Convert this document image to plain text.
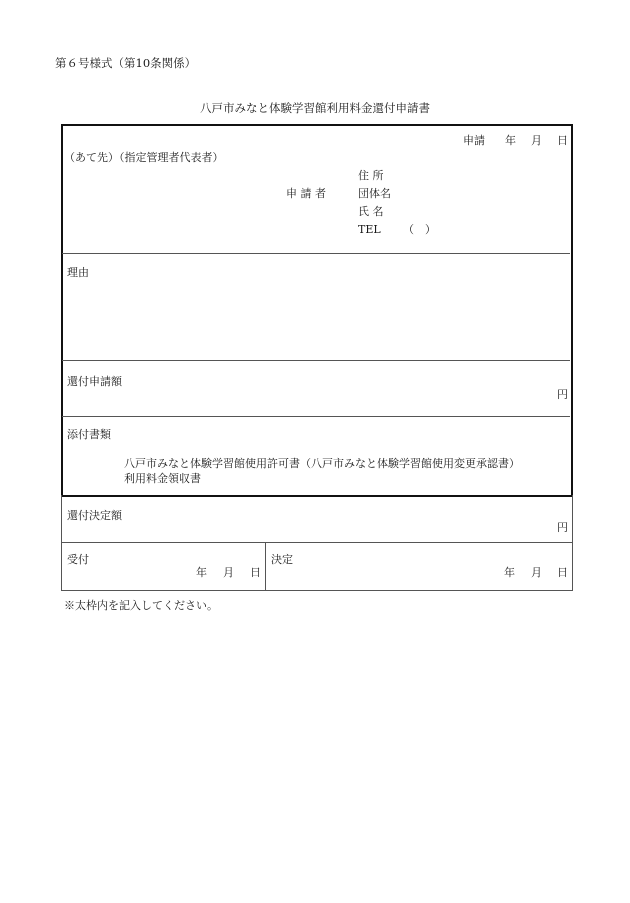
第６号様式（第10条関係）
八戸市みなと体験学習館利用料金還付申請書
申請 年 月 日
（あて先）（指定管理者代表者）
申 請 者
住 所
団体名
氏 名
TEL （　）
理由
還付申請額
円
添付書類
八戸市みなと体験学習館使用許可書（八戸市みなと体験学習館使用変更承認書）
利用料金領収書
還付決定額
円
受付
年 月 日
決定
年 月 日
※太枠内を記入してください。
